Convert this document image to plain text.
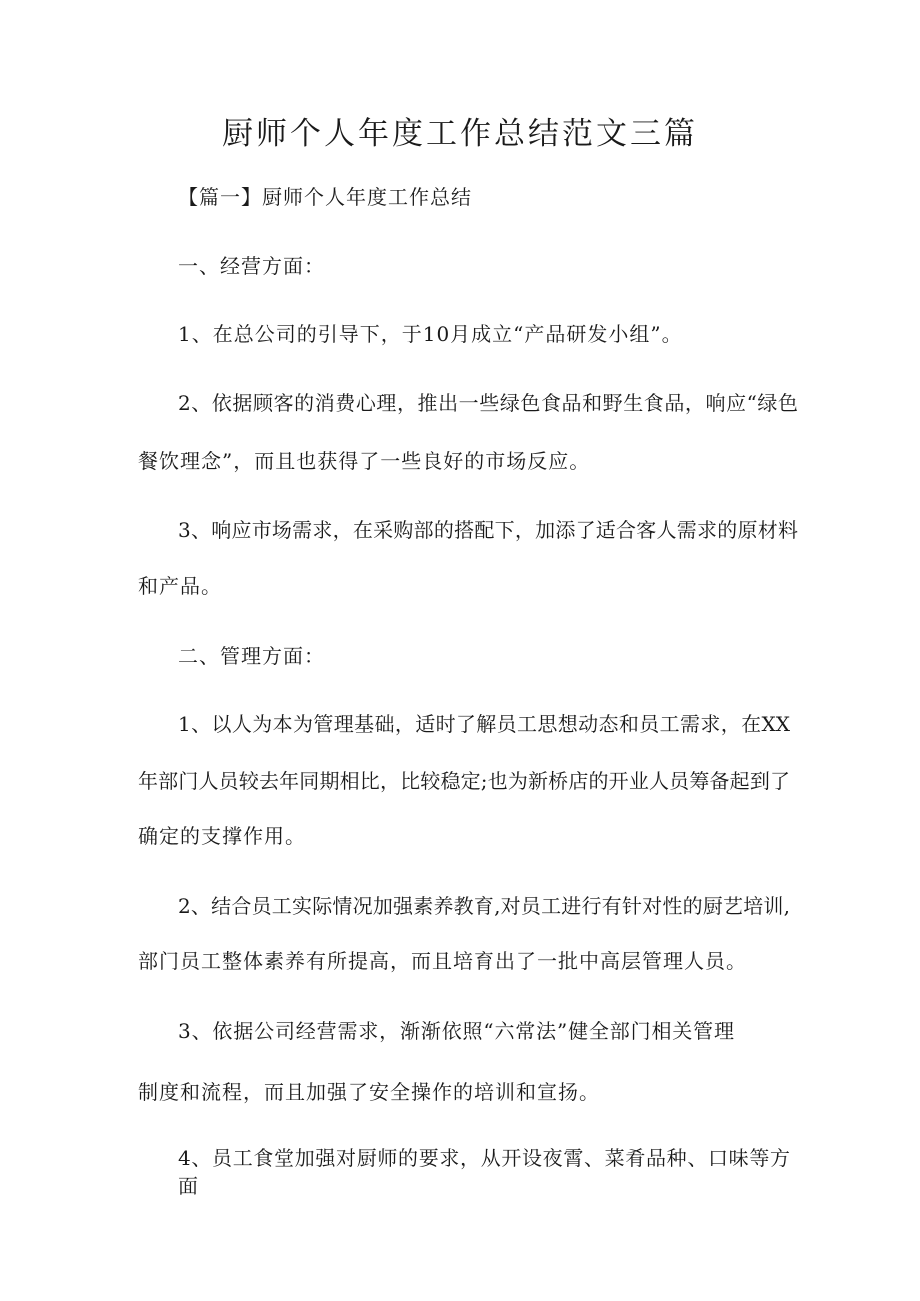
厨师个人年度工作总结范文三篇
【篇一】厨师个人年度工作总结
一、经营方面：
1、在总公司的引导下，于10月成立“产品研发小组”。
2、依据顾客的消费心理，推出一些绿色食品和野生食品，响应“绿色
餐饮理念”，而且也获得了一些良好的市场反应。
3、响应市场需求，在采购部的搭配下，加添了适合客人需求的原材料
和产品。
二、管理方面：
1、以人为本为管理基础，适时了解员工思想动态和员工需求，在XX
年部门人员较去年同期相比，比较稳定;也为新桥店的开业人员筹备起到了
确定的支撑作用。
2、结合员工实际情况加强素养教育,对员工进行有针对性的厨艺培训,
部门员工整体素养有所提高，而且培育出了一批中高层管理人员。
3、依据公司经营需求，渐渐依照“六常法”健全部门相关管理
制度和流程，而且加强了安全操作的培训和宣扬。
4、员工食堂加强对厨师的要求，从开设夜霄、菜肴品种、口味等方面
